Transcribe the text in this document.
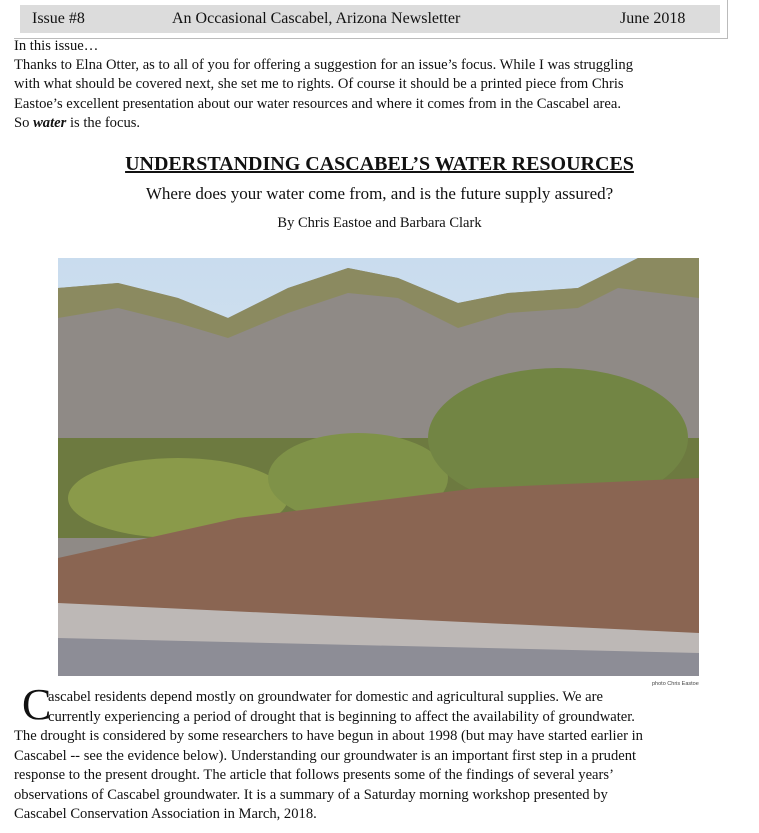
Issue #8	An Occasional Cascabel, Arizona Newsletter	June 2018
In this issue…
Thanks to Elna Otter, as to all of you for offering a suggestion for an issue’s focus. While I was struggling
with what should be covered next, she set me to rights. Of course it should be a printed piece from Chris
Eastoe’s excellent presentation about our water resources and where it comes from in the Cascabel area.
So water is the focus.
UNDERSTANDING CASCABEL’S WATER RESOURCES
Where does your water come from, and is the future supply assured?
By Chris Eastoe and Barbara Clark
photo Chris Eastoe
C
ascabel residents depend mostly on groundwater for domestic and agricultural supplies. We are
currently experiencing a period of drought that is beginning to affect the availability of groundwater.
The drought is considered by some researchers to have begun in about 1998 (but may have started earlier in
Cascabel -- see the evidence below). Understanding our groundwater is an important first step in a prudent
response to the present drought. The article that follows presents some of the findings of several years’
observations of Cascabel groundwater. It is a summary of a Saturday morning workshop presented by
Cascabel Conservation Association in March, 2018.
